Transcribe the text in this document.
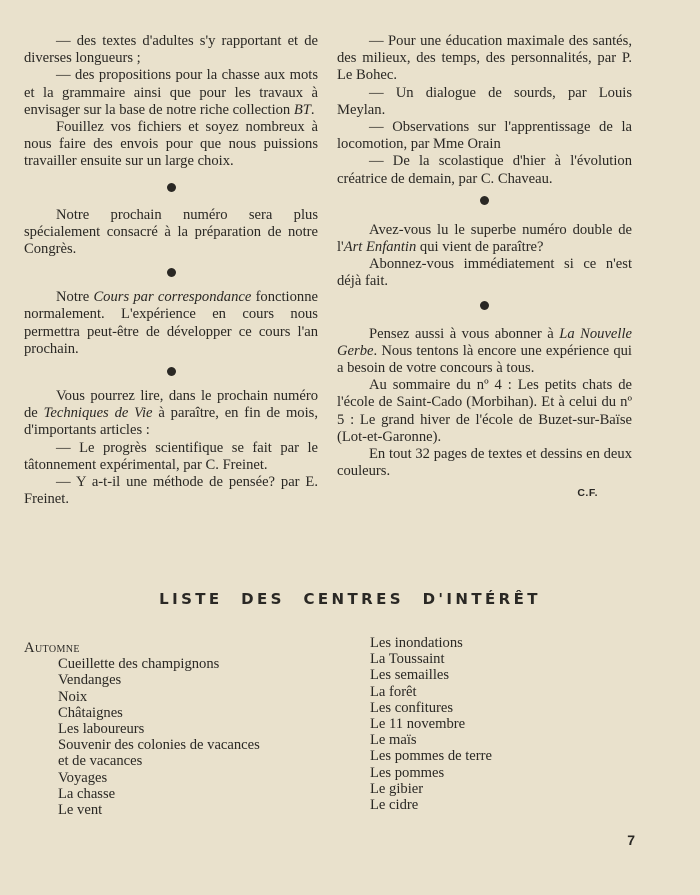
— des textes d'adultes s'y rapportant et de diverses longueurs ;

— des propositions pour la chasse aux mots et la grammaire ainsi que pour les travaux à envisager sur la base de notre riche collection BT.

Fouillez vos fichiers et soyez nombreux à nous faire des envois pour que nous puissions travailler ensuite sur un large choix.

Notre prochain numéro sera plus spécialement consacré à la préparation de notre Congrès.

Notre Cours par correspondance fonctionne normalement. L'expérience en cours nous permettra peut-être de développer ce cours l'an prochain.

Vous pourrez lire, dans le prochain numéro de Techniques de Vie à paraître, en fin de mois, d'importants articles :

— Le progrès scientifique se fait par le tâtonnement expérimental, par C. Freinet.

— Y a-t-il une méthode de pensée? par E. Freinet.

— Pour une éducation maximale des santés, des milieux, des temps, des personnalités, par P. Le Bohec.

— Un dialogue de sourds, par Louis Meylan.

— Observations sur l'apprentissage de la locomotion, par Mme Orain

— De la scolastique d'hier à l'évolution créatrice de demain, par C. Chaveau.

Avez-vous lu le superbe numéro double de l'Art Enfantin qui vient de paraître?

Abonnez-vous immédiatement si ce n'est déjà fait.

Pensez aussi à vous abonner à La Nouvelle Gerbe. Nous tentons là encore une expérience qui a besoin de votre concours à tous.

Au sommaire du nº 4 : Les petits chats de l'école de Saint-Cado (Morbihan). Et à celui du nº 5 : Le grand hiver de l'école de Buzet-sur-Baïse (Lot-et-Garonne).

En tout 32 pages de textes et dessins en deux couleurs.

C.F.
LISTE DES CENTRES D'INTÉRÊT
Automne
Cueillette des champignons
Vendanges
Noix
Châtaignes
Les laboureurs
Souvenir des colonies de vacances
et de vacances
Voyages
La chasse
Le vent
Les inondations
La Toussaint
Les semailles
La forêt
Les confitures
Le 11 novembre
Le maïs
Les pommes de terre
Les pommes
Le gibier
Le cidre
7
